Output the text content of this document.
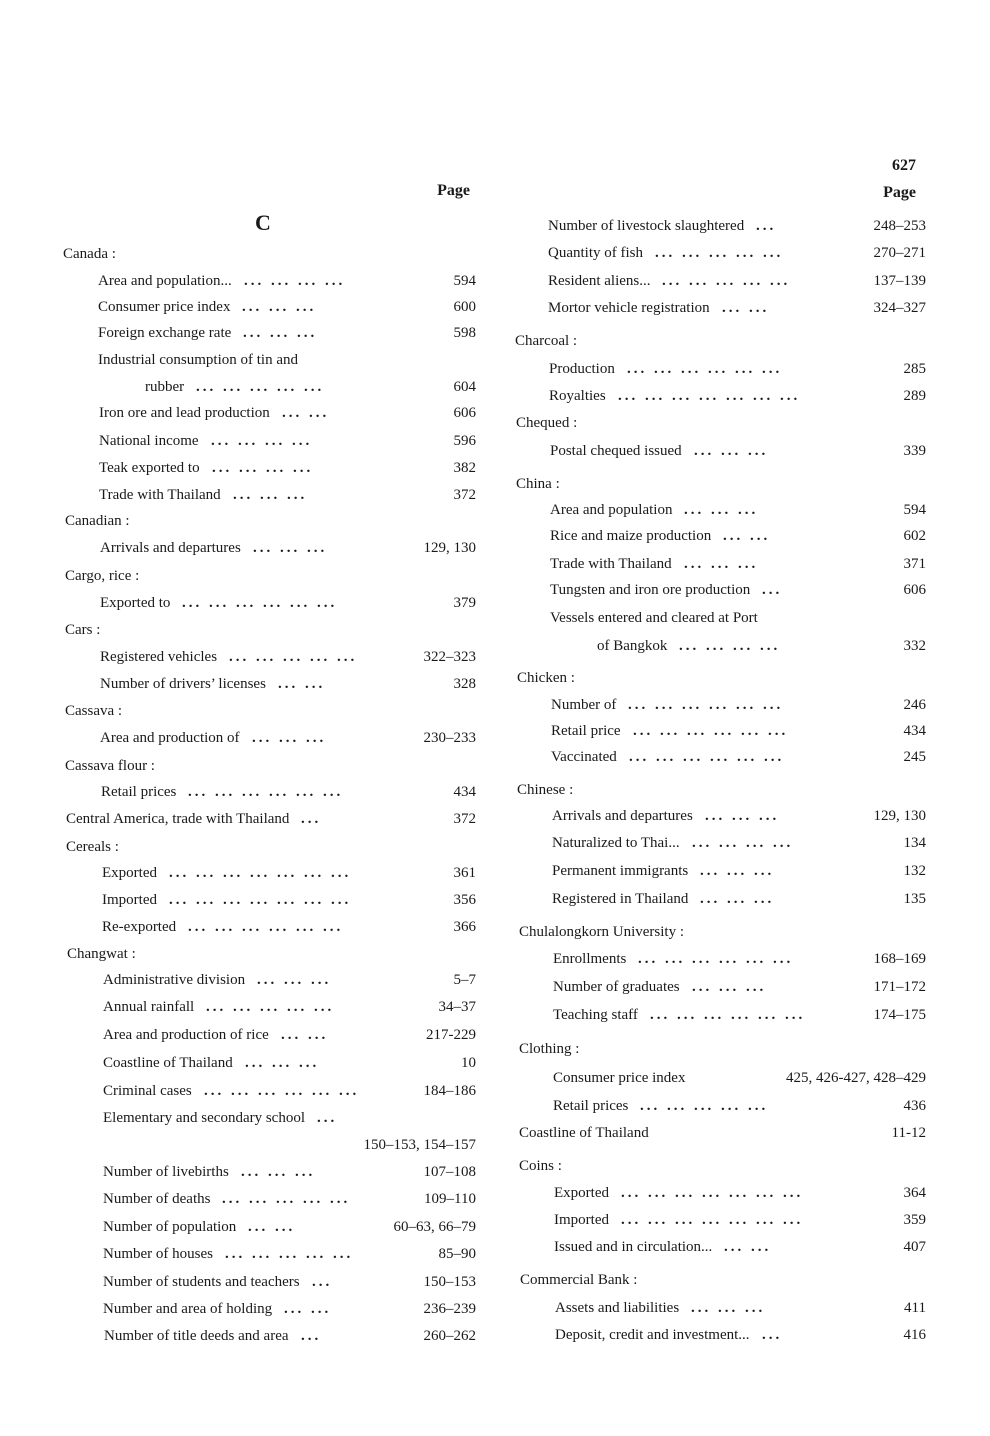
627
Page	Page
C
Canada :
Area and population...	594
... ... ... ...
Consumer price index	600
... ... ...
Foreign exchange rate	598
... ... ...
Industrial consumption of tin and
rubber	604
... ... ... ... ...
Iron ore and lead production	606
... ...
National income	596
... ... ... ...
Teak exported to	382
... ... ... ...
Trade with Thailand	372
... ... ...
Canadian :
Arrivals and departures	129, 130
... ... ...
Cargo, rice :
Exported to	379
... ... ... ... ... ...
Cars :
Registered vehicles	322–323
... ... ... ... ...
Number of drivers’ licenses	328
... ...
Cassava :
Area and production of	230–233
... ... ...
Cassava flour :
Retail prices	434
... ... ... ... ... ...
Central America, trade with Thailand	372
...
Cereals :
Exported	361
... ... ... ... ... ... ...
Imported	356
... ... ... ... ... ... ...
Re-exported	366
... ... ... ... ... ...
Changwat :
Administrative division	5–7
... ... ...
Annual rainfall	34–37
... ... ... ... ...
Area and production of rice	217-229
... ...
Coastline of Thailand	10
... ... ...
Criminal cases	184–186
... ... ... ... ... ...
Elementary and secondary school ...
150–153, 154–157
Number of livebirths	107–108
... ... ...
Number of deaths	109–110
... ... ... ... ...
Number of population	60–63, 66–79
... ...
Number of houses	85–90
... ... ... ... ...
Number of students and teachers	150–153
...
Number and area of holding	236–239
... ...
Number of title deeds and area	260–262
...
Number of livestock slaughtered	248–253
...
Quantity of fish	270–271
... ... ... ... ...
Resident aliens...	137–139
... ... ... ... ...
Mortor vehicle registration	324–327
... ...
Charcoal :
Production	285
... ... ... ... ... ...
Royalties	289
... ... ... ... ... ... ...
Chequed :
Postal chequed issued	339
... ... ...
China :
Area and population	594
... ... ...
Rice and maize production	602
... ...
Trade with Thailand	371
... ... ...
Tungsten and iron ore production	606
...
Vessels entered and cleared at Port
of Bangkok	332
... ... ... ...
Chicken :
Number of	246
... ... ... ... ... ...
Retail price	434
... ... ... ... ... ...
Vaccinated	245
... ... ... ... ... ...
Chinese :
Arrivals and departures	129, 130
... ... ...
Naturalized to Thai...	134
... ... ... ...
Permanent immigrants	132
... ... ...
Registered in Thailand	135
... ... ...
Chulalongkorn University :
Enrollments	168–169
... ... ... ... ... ...
Number of graduates	171–172
... ... ...
Teaching staff	174–175
... ... ... ... ... ...
Clothing :
Consumer price index	425, 426-427, 428–429
Retail prices	436
... ... ... ... ...
Coastline of Thailand	11-12
Coins :
Exported	364
... ... ... ... ... ... ...
Imported	359
... ... ... ... ... ... ...
Issued and in circulation...	407
... ...
Commercial Bank :
Assets and liabilities	411
... ... ...
Deposit, credit and investment...	416
...
